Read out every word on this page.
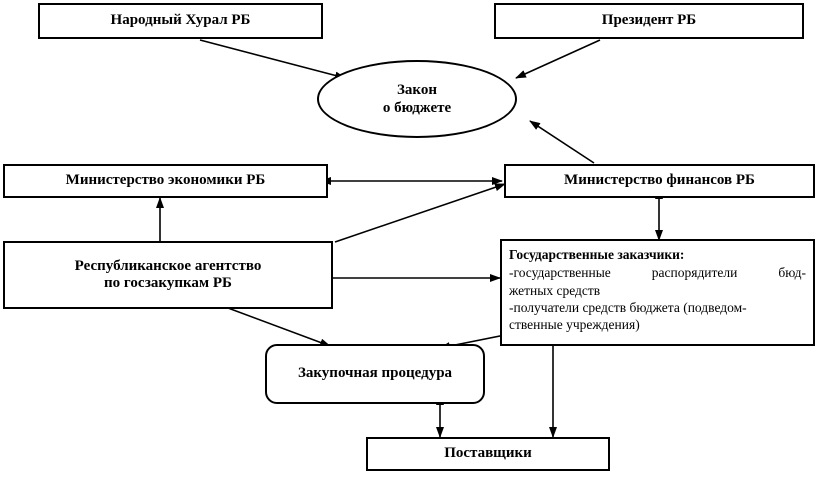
Народный Хурал РБ	Президент РБ
Закон
о бюджете
Министерство экономики РБ	Министерство финансов РБ
Республиканское агентство
по госзакупкам РБ
Государственные заказчики:
-государственные распорядители бюд-
жетных средств
-получатели средств бюджета (подведом-
ственные учреждения)
Закупочная процедура
Поставщики
